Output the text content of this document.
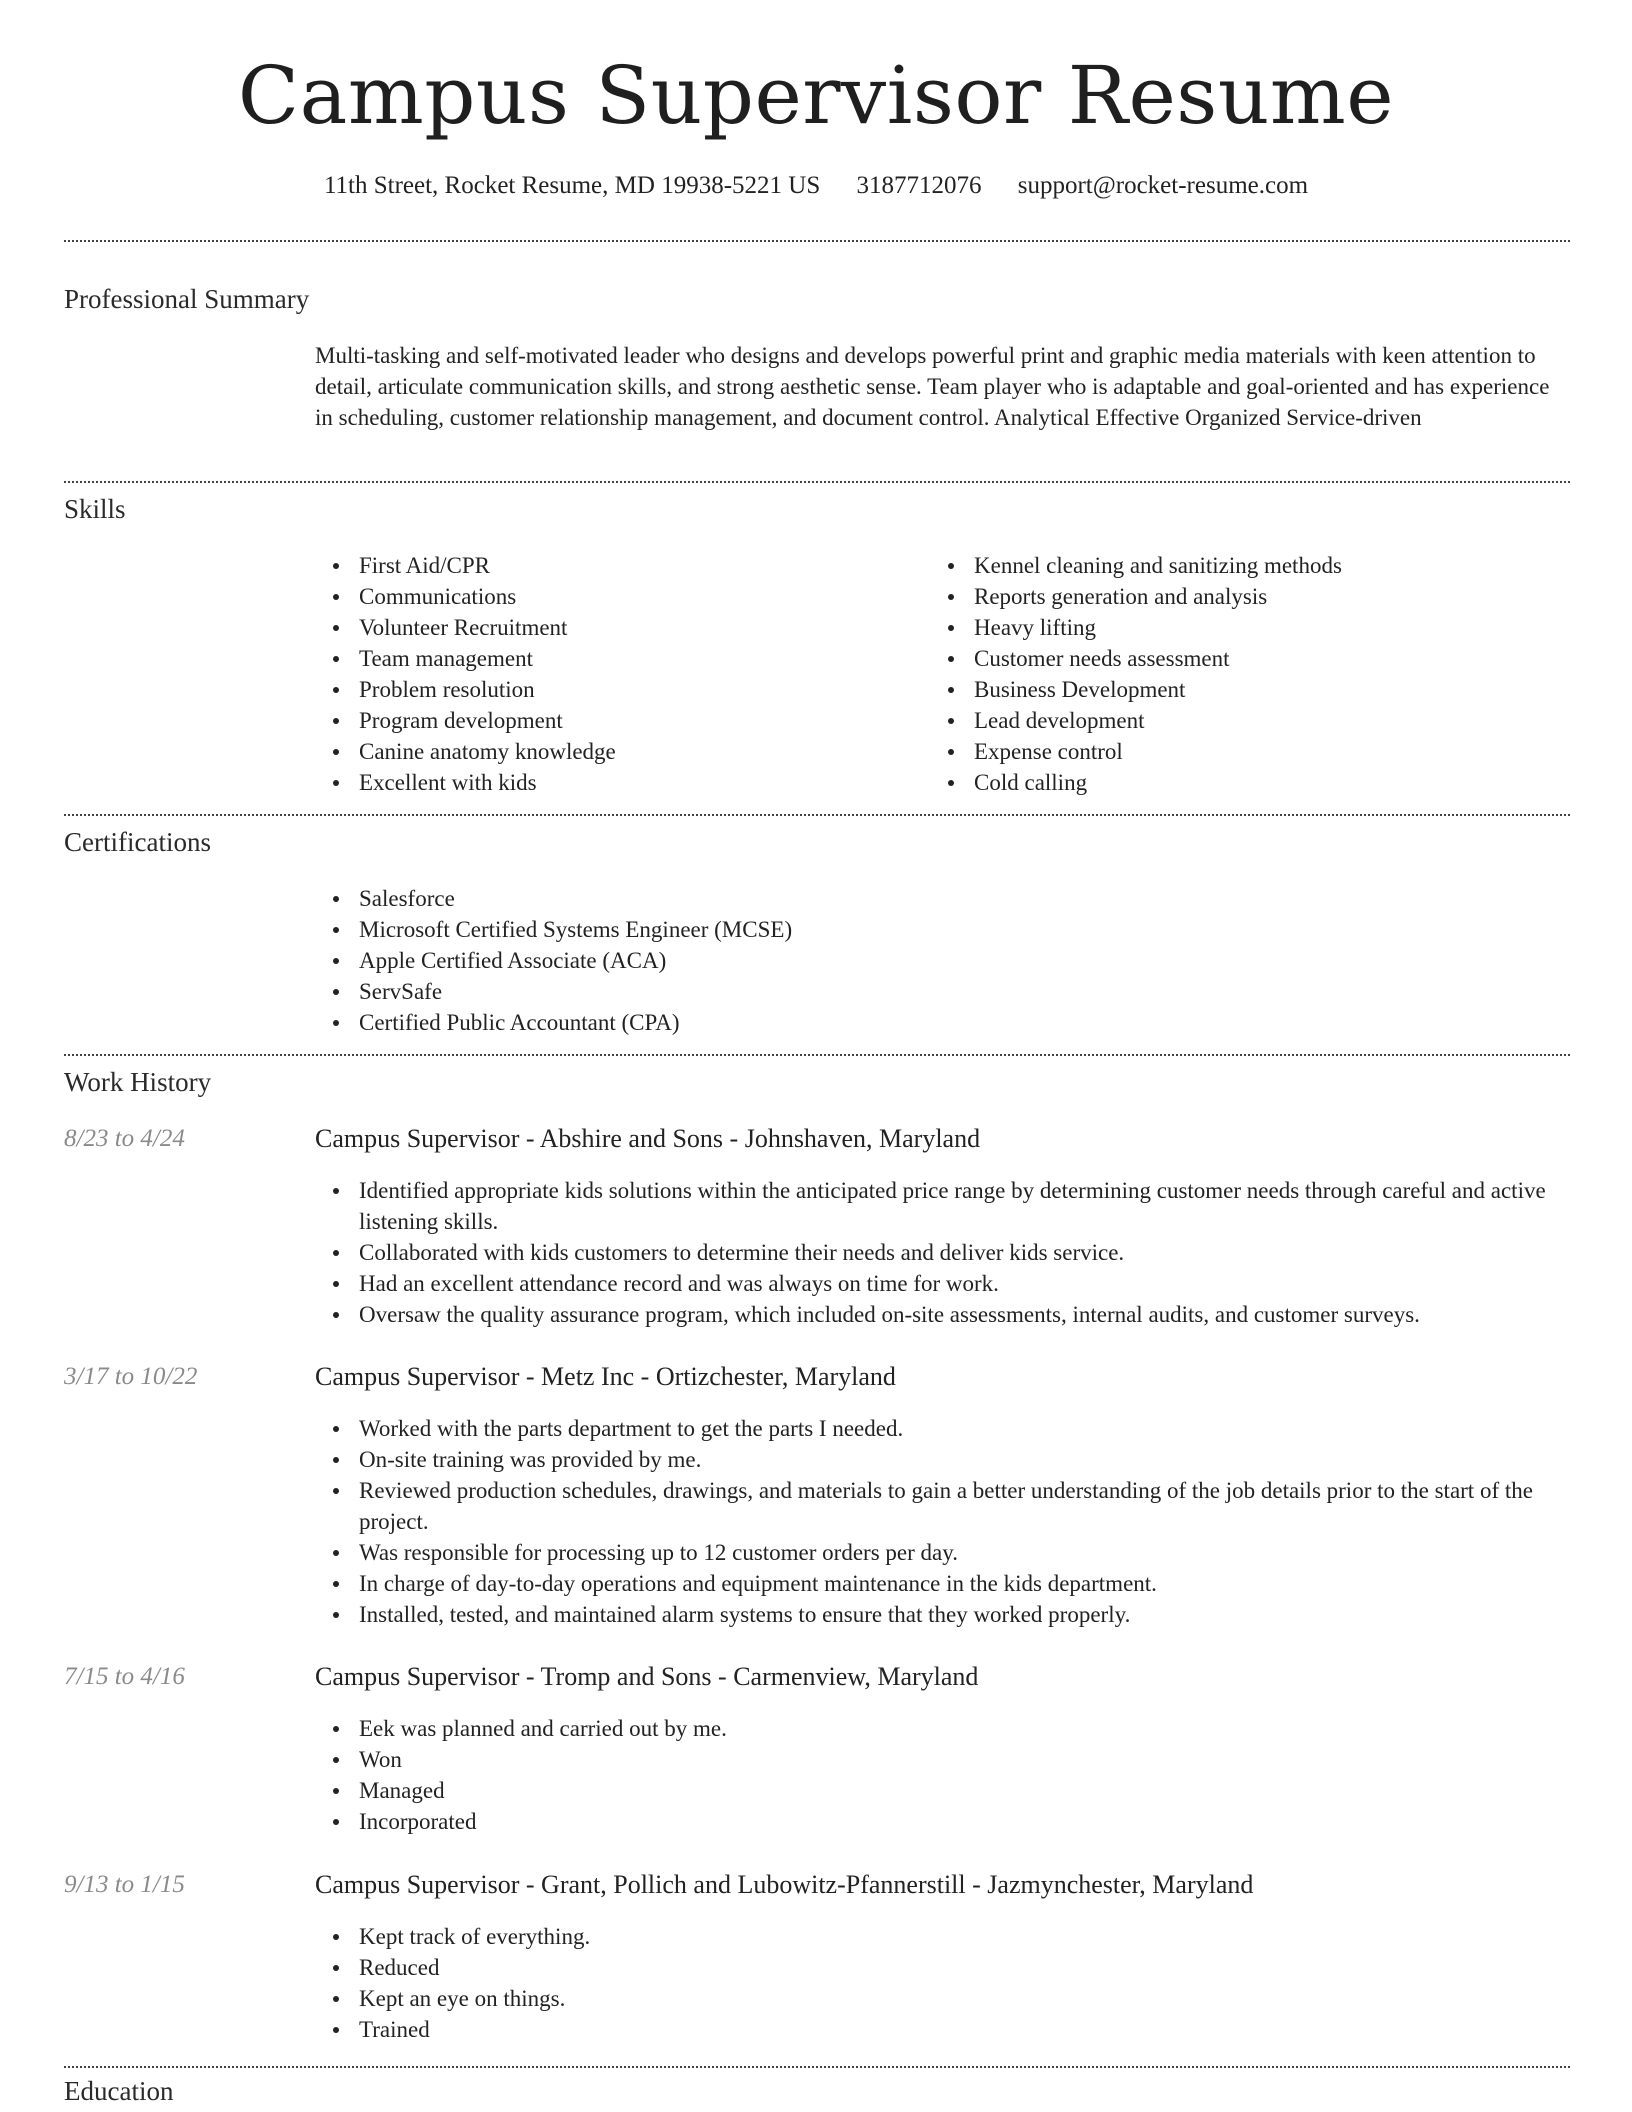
Campus Supervisor Resume
11th Street, Rocket Resume, MD 19938-5221 US 3187712076 support@rocket-resume.com
Professional Summary
Multi-tasking and self-motivated leader who designs and develops powerful print and graphic media materials with keen attention to detail, articulate communication skills, and strong aesthetic sense. Team player who is adaptable and goal-oriented and has experience in scheduling, customer relationship management, and document control. Analytical Effective Organized Service-driven
Skills
First Aid/CPR
Communications
Volunteer Recruitment
Team management
Problem resolution
Program development
Canine anatomy knowledge
Excellent with kids
Kennel cleaning and sanitizing methods
Reports generation and analysis
Heavy lifting
Customer needs assessment
Business Development
Lead development
Expense control
Cold calling
Certifications
Salesforce
Microsoft Certified Systems Engineer (MCSE)
Apple Certified Associate (ACA)
ServSafe
Certified Public Accountant (CPA)
Work History
8/23 to 4/24	Campus Supervisor - Abshire and Sons - Johnshaven, Maryland
Identified appropriate kids solutions within the anticipated price range by determining customer needs through careful and active listening skills.
Collaborated with kids customers to determine their needs and deliver kids service.
Had an excellent attendance record and was always on time for work.
Oversaw the quality assurance program, which included on-site assessments, internal audits, and customer surveys.
3/17 to 10/22	Campus Supervisor - Metz Inc - Ortizchester, Maryland
Worked with the parts department to get the parts I needed.
On-site training was provided by me.
Reviewed production schedules, drawings, and materials to gain a better understanding of the job details prior to the start of the project.
Was responsible for processing up to 12 customer orders per day.
In charge of day-to-day operations and equipment maintenance in the kids department.
Installed, tested, and maintained alarm systems to ensure that they worked properly.
7/15 to 4/16	Campus Supervisor - Tromp and Sons - Carmenview, Maryland
Eek was planned and carried out by me.
Won
Managed
Incorporated
9/13 to 1/15	Campus Supervisor - Grant, Pollich and Lubowitz-Pfannerstill - Jazmynchester, Maryland
Kept track of everything.
Reduced
Kept an eye on things.
Trained
Education
